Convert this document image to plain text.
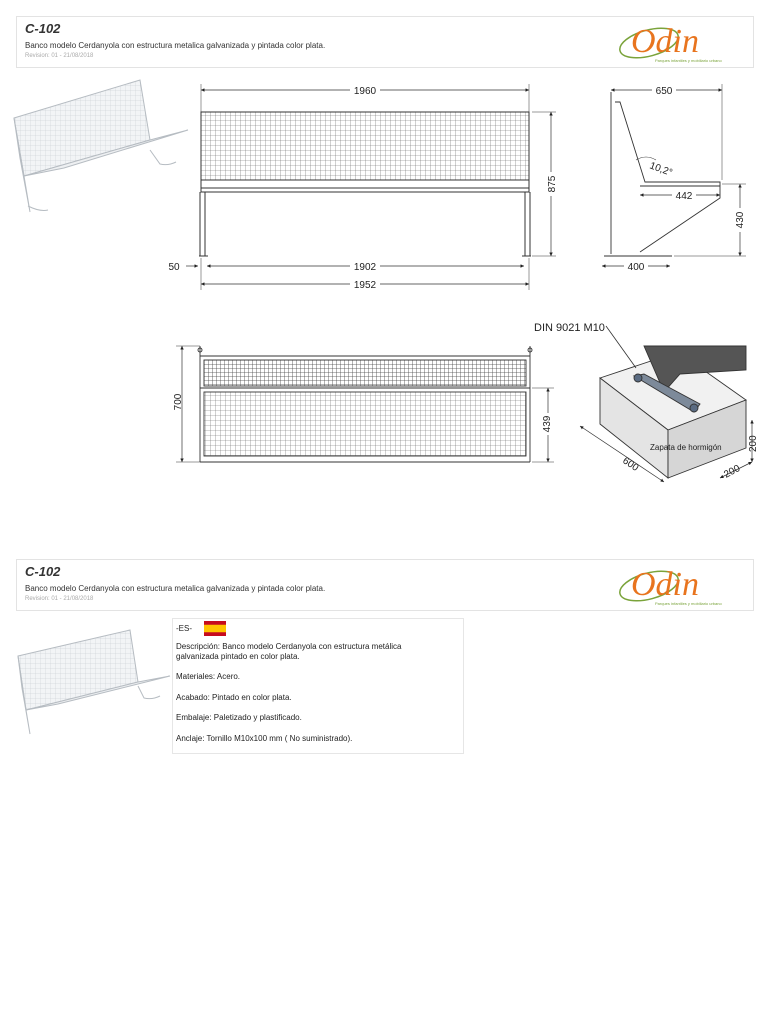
C-102
Banco modelo Cerdanyola con estructura metalica galvanizada y pintada color plata.
Revision: 01 - 21/08/2018	Odin
Parques infantiles y mobiliario urbano
1960
875
50	1902
1952
650
10,2°
442
430
400
700
439
DIN 9021 M10
Zapata de hormigón
600	200
200
C-102
Banco modelo Cerdanyola con estructura metalica galvanizada y pintada color plata.
Revision: 01 - 21/08/2018	Odin
Parques infantiles y mobiliario urbano
-ES-
Descripción: Banco modelo Cerdanyola con estructura metálica galvanizada pintado en color plata.
Materiales: Acero.
Acabado: Pintado en color plata.
Embalaje: Paletizado y plastificado.
Anclaje: Tornillo M10x100 mm ( No suministrado).
